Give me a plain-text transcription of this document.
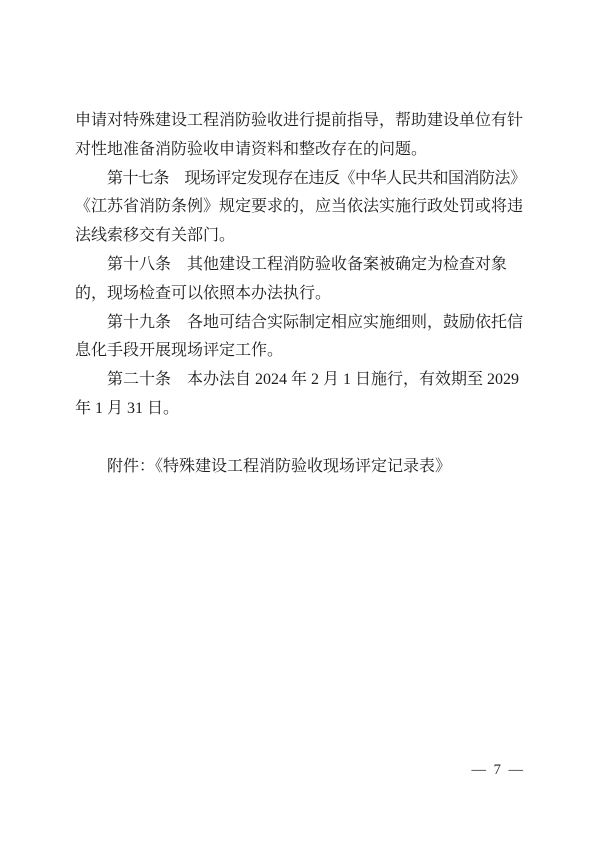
申请对特殊建设工程消防验收进行提前指导，帮助建设单位有针
对性地准备消防验收申请资料和整改存在的问题。
第十七条　现场评定发现存在违反《中华人民共和国消防法》
《江苏省消防条例》规定要求的，应当依法实施行政处罚或将违
法线索移交有关部门。
第十八条　其他建设工程消防验收备案被确定为检查对象
的，现场检查可以依照本办法执行。
第十九条　各地可结合实际制定相应实施细则，鼓励依托信
息化手段开展现场评定工作。
第二十条　本办法自 2024 年 2 月 1 日施行，有效期至 2029
年 1 月 31 日。
附件：《特殊建设工程消防验收现场评定记录表》
— 7 —
